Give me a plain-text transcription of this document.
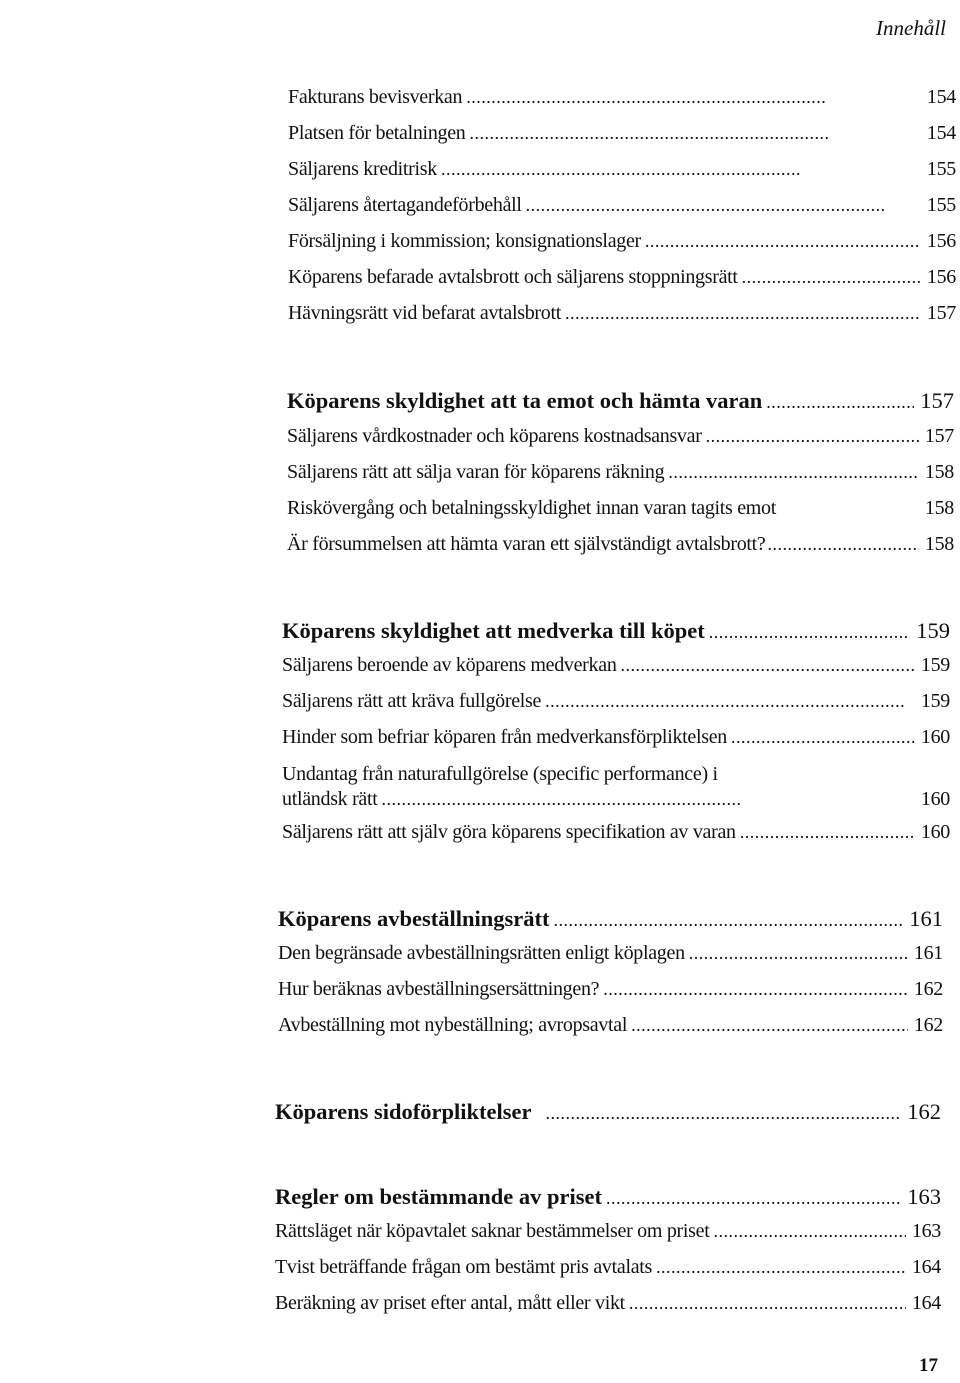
Innehåll
Fakturans bevisverkan . . .	154
Platsen för betalningen . . .	154
Säljarens kreditrisk . . .	155
Säljarens återtagandeförbehåll . . .	155
Försäljning i kommission; konsignationslager . . .	156
Köparens befarade avtalsbrott och säljarens stoppningsrätt . . .	156
Hävningsrätt vid befarat avtalsbrott . . .	157
Köparens skyldighet att ta emot och hämta varan . . .	157
Säljarens vårdkostnader och köparens kostnadsansvar . . .	157
Säljarens rätt att sälja varan för köparens räkning . . .	158
Riskövergång och betalningsskyldighet innan varan tagits emot	158
Är försummelsen att hämta varan ett självständigt avtalsbrott? . . .	158
Köparens skyldighet att medverka till köpet . . .	159
Säljarens beroende av köparens medverkan . . .	159
Säljarens rätt att kräva fullgörelse . . .	159
Hinder som befriar köparen från medverkansförpliktelsen . . .	160
Undantag från naturafullgörelse (specific performance) i
utländsk rätt . . .	160
Säljarens rätt att själv göra köparens specifikation av varan . . .	160
Köparens avbeställningsrätt . . .	161
Den begränsade avbeställningsrätten enligt köplagen . . .	161
Hur beräknas avbeställningsersättningen? . . .	162
Avbeställning mot nybeställning; avropsavtal . . .	162
Köparens sidoförpliktelser . . .	162
Regler om bestämmande av priset . . .	163
Rättsläget när köpavtalet saknar bestämmelser om priset . . .	163
Tvist beträffande frågan om bestämt pris avtalats . . .	164
Beräkning av priset efter antal, mått eller vikt . . .	164
17
